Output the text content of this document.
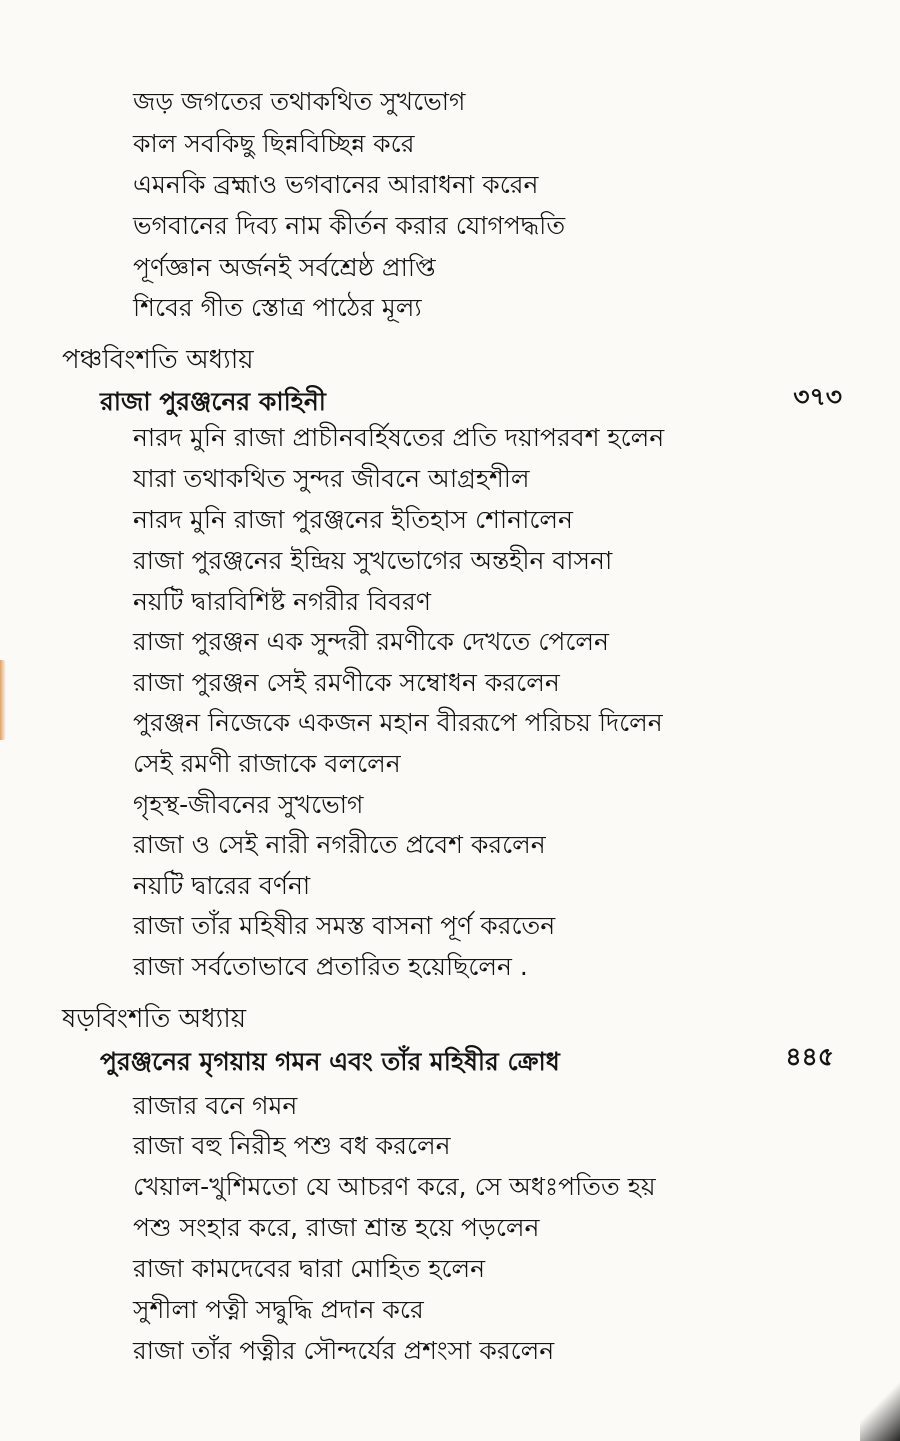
জড় জগতের তথাকথিত সুখভোগ
কাল সবকিছু ছিন্নবিচ্ছিন্ন করে
এমনকি ব্রহ্মাও ভগবানের আরাধনা করেন
ভগবানের দিব্য নাম কীর্তন করার যোগপদ্ধতি
পূর্ণজ্ঞান অর্জনই সর্বশ্রেষ্ঠ প্রাপ্তি
শিবের গীত স্তোত্র পাঠের মূল্য
পঞ্চবিংশতি অধ্যায়
রাজা পুরঞ্জনের কাহিনী	৩৭৩
নারদ মুনি রাজা প্রাচীনবর্হিষতের প্রতি দয়াপরবশ হলেন
যারা তথাকথিত সুন্দর জীবনে আগ্রহশীল
নারদ মুনি রাজা পুরঞ্জনের ইতিহাস শোনালেন
রাজা পুরঞ্জনের ইন্দ্রিয় সুখভোগের অন্তহীন বাসনা
নয়টি দ্বারবিশিষ্ট নগরীর বিবরণ
রাজা পুরঞ্জন এক সুন্দরী রমণীকে দেখতে পেলেন
রাজা পুরঞ্জন সেই রমণীকে সম্বোধন করলেন
পুরঞ্জন নিজেকে একজন মহান বীররূপে পরিচয় দিলেন
সেই রমণী রাজাকে বললেন
গৃহস্থ-জীবনের সুখভোগ
রাজা ও সেই নারী নগরীতে প্রবেশ করলেন
নয়টি দ্বারের বর্ণনা
রাজা তাঁর মহিষীর সমস্ত বাসনা পূর্ণ করতেন
রাজা সর্বতোভাবে প্রতারিত হয়েছিলেন .
ষড়বিংশতি অধ্যায়
পুরঞ্জনের মৃগয়ায় গমন এবং তাঁর মহিষীর ক্রোধ	৪৪৫
রাজার বনে গমন
রাজা বহু নিরীহ পশু বধ করলেন
খেয়াল-খুশিমতো যে আচরণ করে, সে অধঃপতিত হয়
পশু সংহার করে, রাজা শ্রান্ত হয়ে পড়লেন
রাজা কামদেবের দ্বারা মোহিত হলেন
সুশীলা পত্নী সদ্বুদ্ধি প্রদান করে
রাজা তাঁর পত্নীর সৌন্দর্যের প্রশংসা করলেন
